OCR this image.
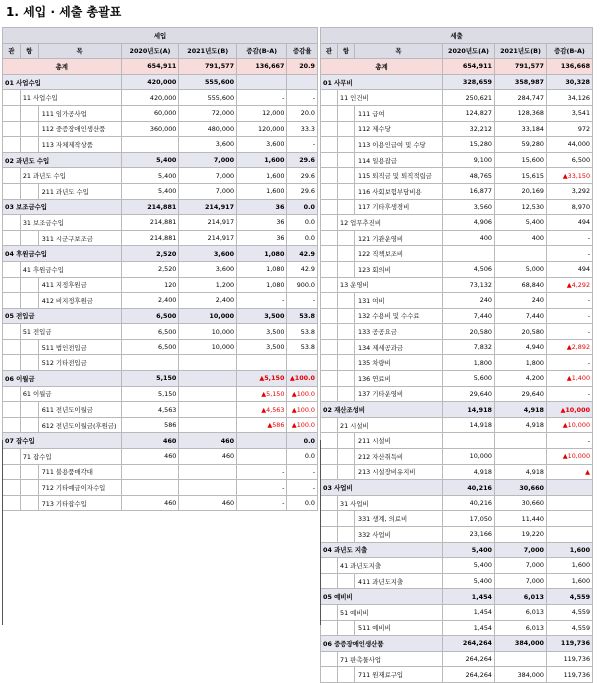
1. 세입 · 세출 총괄표
세입						
관	항	목	2020년도(A)	2021년도(B)	증감(B-A)	증감율
총계			654,911	791,577	136,667	20.9
01 사업수입			420,000	555,600		
	11 사업수입		420,000	555,600	-	-
		111 임가공사업	60,000	72,000	12,000	20.0
		112 중증장애인생산품	360,000	480,000	120,000	33.3
		113 자체제작상품		3,600	3,600	-
02 과년도 수입			5,400	7,000	1,600	29.6
	21 과년도 수입		5,400	7,000	1,600	29.6
		211 과년도 수입	5,400	7,000	1,600	29.6
03 보조금수입			214,881	214,917	36	0.0
	31 보조금수입		214,881	214,917	36	0.0
		311 시군구보조금	214,881	214,917	36	0.0
04 후원금수입			2,520	3,600	1,080	42.9
	41 후원금수입		2,520	3,600	1,080	42.9
		411 지정후원금	120	1,200	1,080	900.0
		412 비지정후원금	2,400	2,400	-	-
05 전입금			6,500	10,000	3,500	53.8
	51 전입금		6,500	10,000	3,500	53.8
		511 법인전입금	6,500	10,000	3,500	53.8
		512 기타전입금				
06 이월금			5,150		▲5,150	▲100.0
	61 이월금		5,150		▲5,150	▲100.0
		611 전년도이월금	4,563		▲4,563	▲100.0
		612 전년도이월금(후원금)	586		▲586	▲100.0
07 잡수입			460	460		0.0
	71 잡수입		460	460		0.0
		711 불용품매각대			-	-
		712 기타예금이자수입			-	-
		713 기타잡수입	460	460	-	0.0
세출					
관	항	목	2020년도(A)	2021년도(B)	증감(B-A)
총계			654,911	791,577	136,668
01 사무비			328,659	358,987	30,328
	11 인건비		250,621	284,747	34,126
		111 급여	124,827	128,368	3,541
		112 제수당	32,212	33,184	972
		113 이용인급여 및 수당	15,280	59,280	44,000
		114 일용잡급	9,100	15,600	6,500
		115 퇴직금 및 퇴직적립금	48,765	15,615	▲33,150
		116 사회보험부담비용	16,877	20,169	3,292
		117 기타후생경비	3,560	12,530	8,970
	12 업무추진비		4,906	5,400	494
		121 기관운영비	400	400	-
		122 직책보조비			-
		123 회의비	4,506	5,000	494
	13 운영비		73,132	68,840	▲4,292
		131 여비	240	240	-
		132 수용비 및 수수료	7,440	7,440	-
		133 공공요금	20,580	20,580	-
		134 제세공과금	7,832	4,940	▲2,892
		135 차량비	1,800	1,800	-
		136 연료비	5,600	4,200	▲1,400
		137 기타운영비	29,640	29,640	-
02 재산조성비			14,918	4,918	▲10,000
	21 시설비		14,918	4,918	▲10,000
		211 시설비			-
		212 자산취득비	10,000		▲10,000
		213 시설장비유지비	4,918	4,918	▲
03 사업비			40,216	30,660	
	31 사업비		40,216	30,660	
		331 생계, 의료비	17,050	11,440	
		332 사업비	23,166	19,220	
04 과년도 지출			5,400	7,000	1,600
	41 과년도지출		5,400	7,000	1,600
		411 과년도지출	5,400	7,000	1,600
05 예비비			1,454	6,013	4,559
	51 예비비		1,454	6,013	4,559
		511 예비비	1,454	6,013	4,559
06 중증장애인생산품			264,264	384,000	119,736
	71 판촉물사업		264,264		119,736
		711 원재료구입	264,264	384,000	119,736
